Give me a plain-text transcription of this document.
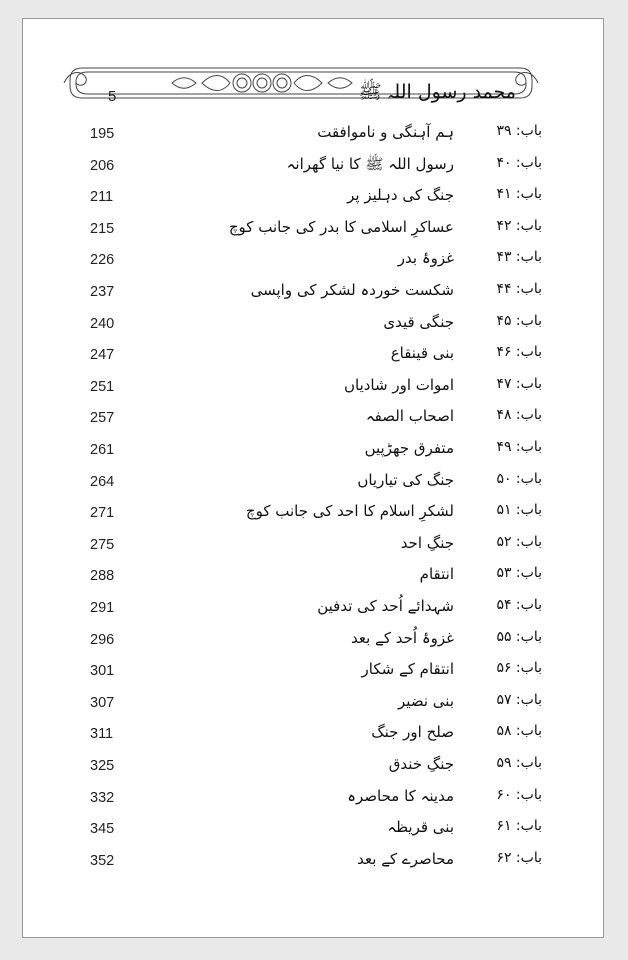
5	محمد رسول اللہ ﷺ
195	ہم آہنگی و ناموافقت	باب: ۳۹
206	رسول اللہ ﷺ کا نیا گھرانہ	باب: ۴۰
211	جنگ کی دہلیز پر	باب: ۴۱
215	عساکرِ اسلامی کا بدر کی جانب کوچ	باب: ۴۲
226	غزوۂ بدر	باب: ۴۳
237	شکست خوردہ لشکر کی واپسی	باب: ۴۴
240	جنگی قیدی	باب: ۴۵
247	بنی قینقاع	باب: ۴۶
251	اموات اور شادیاں	باب: ۴۷
257	اصحاب الصفہ	باب: ۴۸
261	متفرق جھڑپیں	باب: ۴۹
264	جنگ کی تیاریاں	باب: ۵۰
271	لشکرِ اسلام کا احد کی جانب کوچ	باب: ۵۱
275	جنگِ احد	باب: ۵۲
288	انتقام	باب: ۵۳
291	شہدائے اُحد کی تدفین	باب: ۵۴
296	غزوۂ اُحد کے بعد	باب: ۵۵
301	انتقام کے شکار	باب: ۵۶
307	بنی نضیر	باب: ۵۷
311	صلح اور جنگ	باب: ۵۸
325	جنگِ خندق	باب: ۵۹
332	مدینہ کا محاصرہ	باب: ۶۰
345	بنی قریظہ	باب: ۶۱
352	محاصرے کے بعد	باب: ۶۲
